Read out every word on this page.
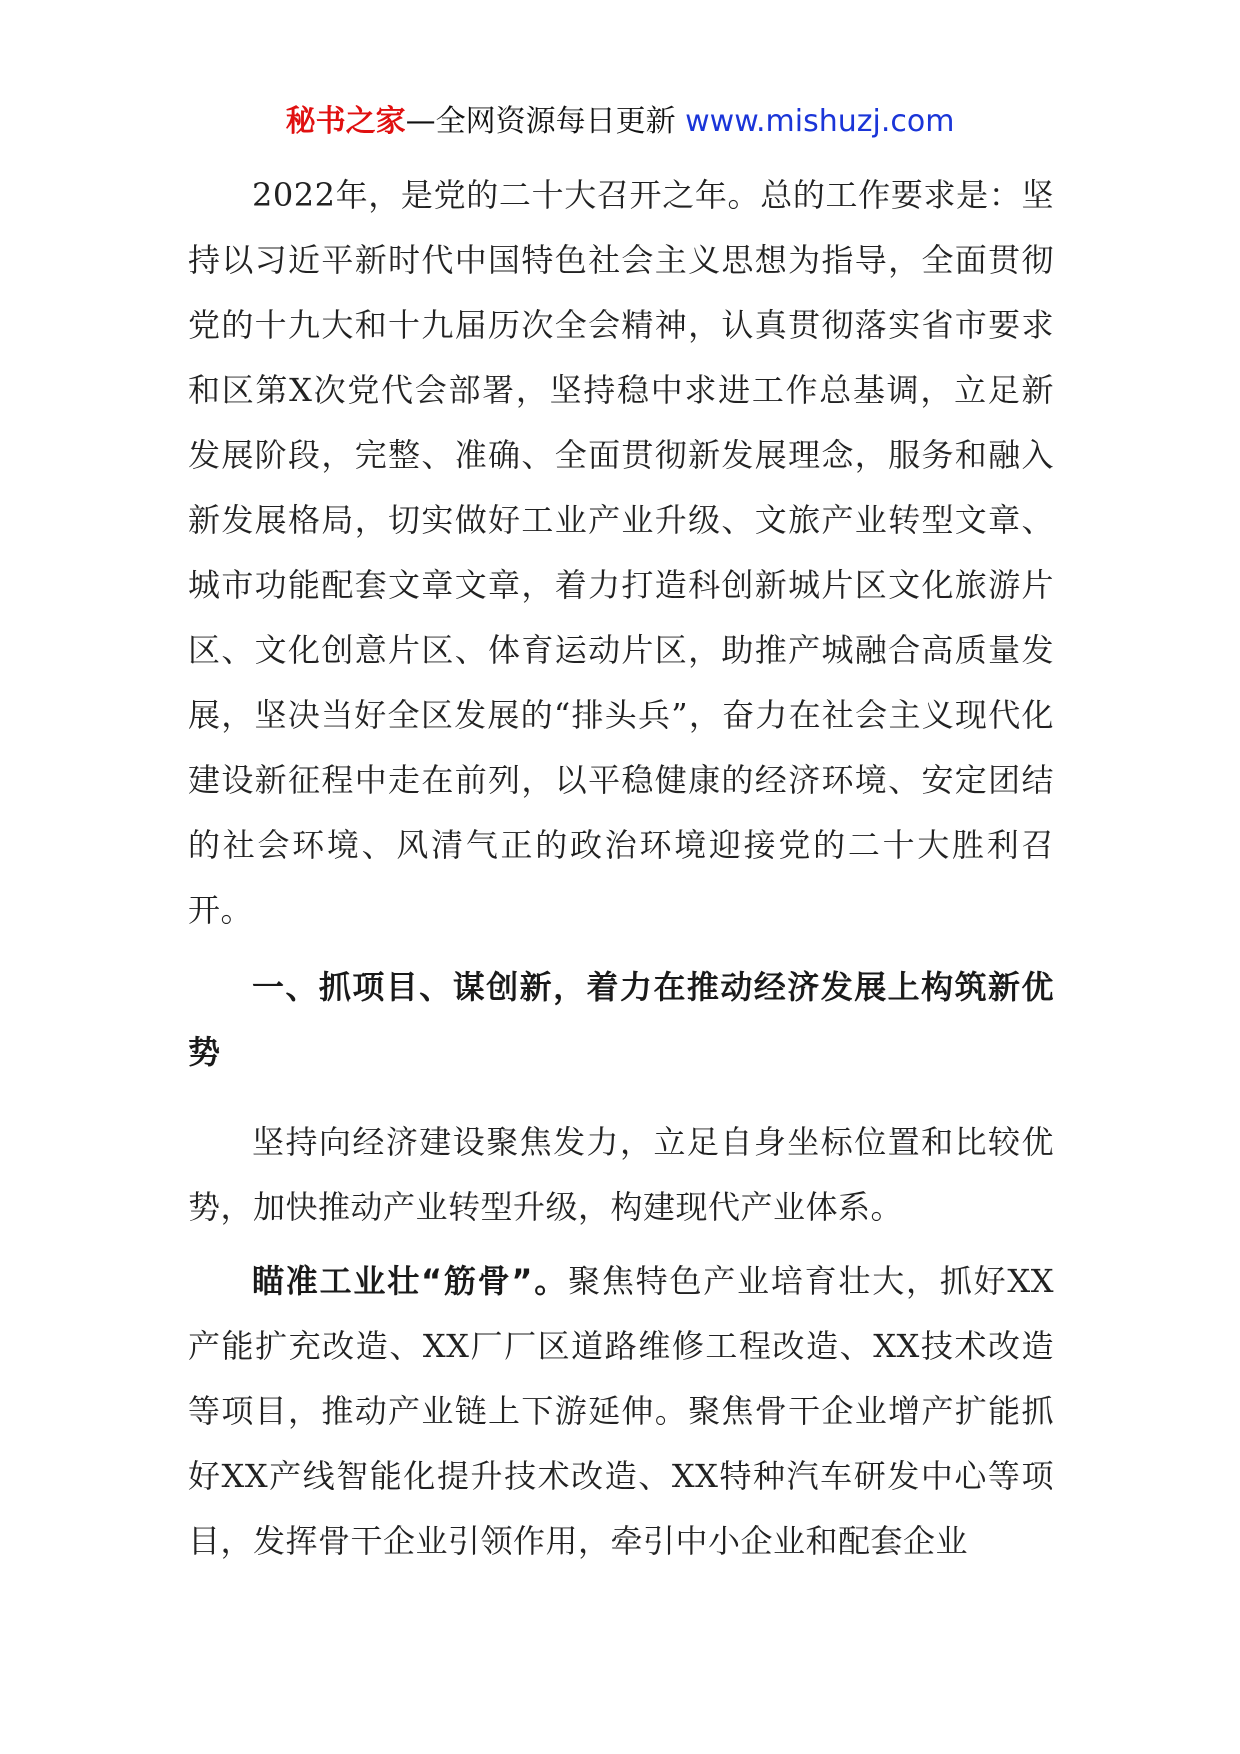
秘书之家—全网资源每日更新 www.mishuzj.com
2022年，是党的二十大召开之年。总的工作要求是：坚持以习近平新时代中国特色社会主义思想为指导，全面贯彻党的十九大和十九届历次全会精神，认真贯彻落实省市要求和区第X次党代会部署，坚持稳中求进工作总基调，立足新发展阶段，完整、准确、全面贯彻新发展理念，服务和融入新发展格局，切实做好工业产业升级、文旅产业转型文章、城市功能配套文章文章，着力打造科创新城片区文化旅游片区、文化创意片区、体育运动片区，助推产城融合高质量发展，坚决当好全区发展的“排头兵”，奋力在社会主义现代化建设新征程中走在前列，以平稳健康的经济环境、安定团结的社会环境、风清气正的政治环境迎接党的二十大胜利召开。
一、抓项目、谋创新，着力在推动经济发展上构筑新优势
坚持向经济建设聚焦发力，立足自身坐标位置和比较优势，加快推动产业转型升级，构建现代产业体系。
瞄准工业壮“筋骨”。聚焦特色产业培育壮大，抓好XX产能扩充改造、XX厂厂区道路维修工程改造、XX技术改造等项目，推动产业链上下游延伸。聚焦骨干企业增产扩能抓好XX产线智能化提升技术改造、XX特种汽车研发中心等项目，发挥骨干企业引领作用，牵引中小企业和配套企业
